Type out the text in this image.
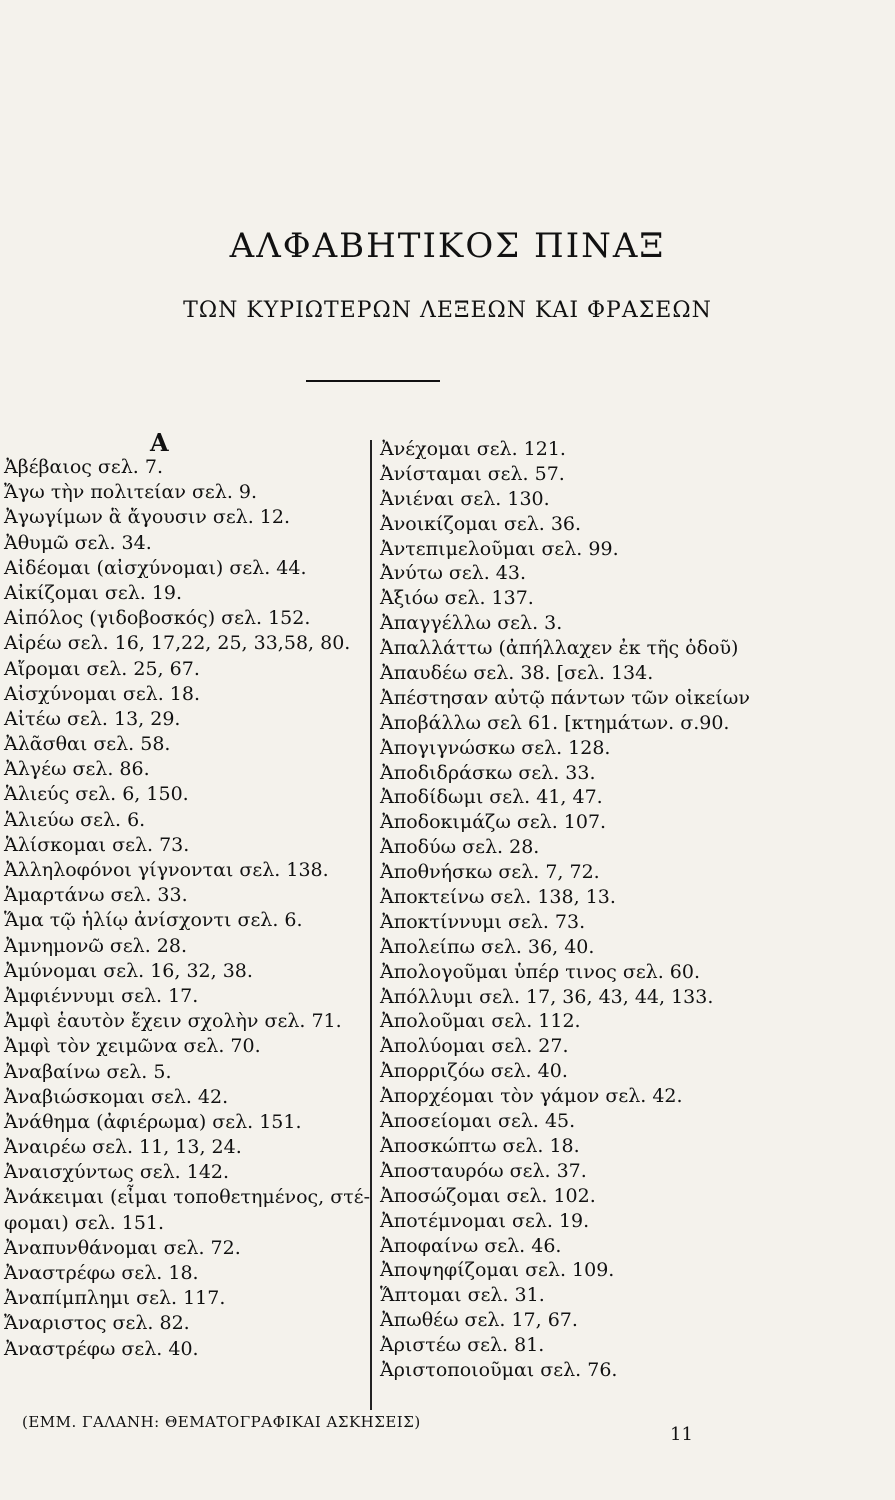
ΑΛΦΑΒΗΤΙΚΟΣ ΠΙΝΑΞ
ΤΩΝ ΚΥΡΙΩΤΕΡΩΝ ΛΕΞΕΩΝ ΚΑΙ ΦΡΑΣΕΩΝ
Α
Ἀβέβαιος σελ. 7.
Ἄγω τὴν πολιτείαν σελ. 9.
Ἀγωγίμων ἃ ἄγουσιν σελ. 12.
Ἀθυμῶ σελ. 34.
Αἰδέομαι (αἰσχύνομαι) σελ. 44.
Αἰκίζομαι σελ. 19.
Αἰπόλος (γιδοβοσκός) σελ. 152.
Αἱρέω σελ. 16, 17,22, 25, 33,58, 80.
Αἴρομαι σελ. 25, 67.
Αἰσχύνομαι σελ. 18.
Αἰτέω σελ. 13, 29.
Ἀλᾶσθαι σελ. 58.
Ἀλγέω σελ. 86.
Ἁλιεύς σελ. 6, 150.
Ἁλιεύω σελ. 6.
Ἁλίσκομαι σελ. 73.
Ἀλληλοφόνοι γίγνονται σελ. 138.
Ἁμαρτάνω σελ. 33.
Ἅμα τῷ ἡλίῳ ἀνίσχοντι σελ. 6.
Ἀμνημονῶ σελ. 28.
Ἀμύνομαι σελ. 16, 32, 38.
Ἀμφιέννυμι σελ. 17.
Ἀμφὶ ἑαυτὸν ἔχειν σχολὴν σελ. 71.
Ἀμφὶ τὸν χειμῶνα σελ. 70.
Ἀναβαίνω σελ. 5.
Ἀναβιώσκομαι σελ. 42.
Ἀνάθημα (ἀφιέρωμα) σελ. 151.
Ἀναιρέω σελ. 11, 13, 24.
Ἀναισχύντως σελ. 142.
Ἀνάκειμαι (εἶμαι τοποθετημένος, στέ-
φομαι) σελ. 151.
Ἀναπυνθάνομαι σελ. 72.
Ἀναστρέφω σελ. 18.
Ἀναπίμπλημι σελ. 117.
Ἄναριστος σελ. 82.
Ἀναστρέφω σελ. 40.
Ἀνέχομαι σελ. 121.
Ἀνίσταμαι σελ. 57.
Ἀνιέναι σελ. 130.
Ἀνοικίζομαι σελ. 36.
Ἀντεπιμελοῦμαι σελ. 99.
Ἀνύτω σελ. 43.
Ἀξιόω σελ. 137.
Ἀπαγγέλλω σελ. 3.
Ἀπαλλάττω (ἀπήλλαχεν ἐκ τῆς ὁδοῦ)
Ἀπαυδέω σελ. 38. [σελ. 134.
Ἀπέστησαν αὐτῷ πάντων τῶν οἰκείων
Ἀποβάλλω σελ 61. [κτημάτων. σ.90.
Ἀπογιγνώσκω σελ. 128.
Ἀποδιδράσκω σελ. 33.
Ἀποδίδωμι σελ. 41, 47.
Ἀποδοκιμάζω σελ. 107.
Ἀποδύω σελ. 28.
Ἀποθνήσκω σελ. 7, 72.
Ἀποκτείνω σελ. 138, 13.
Ἀποκτίννυμι σελ. 73.
Ἀπολείπω σελ. 36, 40.
Ἀπολογοῦμαι ὑπέρ τινος σελ. 60.
Ἀπόλλυμι σελ. 17, 36, 43, 44, 133.
Ἀπολοῦμαι σελ. 112.
Ἀπολύομαι σελ. 27.
Ἀπορριζόω σελ. 40.
Ἀπορχέομαι τὸν γάμον σελ. 42.
Ἀποσείομαι σελ. 45.
Ἀποσκώπτω σελ. 18.
Ἀποσταυρόω σελ. 37.
Ἀποσώζομαι σελ. 102.
Ἀποτέμνομαι σελ. 19.
Ἀποφαίνω σελ. 46.
Ἀποψηφίζομαι σελ. 109.
Ἅπτομαι σελ. 31.
Ἀπωθέω σελ. 17, 67.
Ἀριστέω σελ. 81.
Ἀριστοποιοῦμαι σελ. 76.
(ΕΜΜ. ΓΑΛΑΝΗ: ΘΕΜΑΤΟΓΡΑΦΙΚΑΙ ΑΣΚΗΣΕΙΣ)
11
